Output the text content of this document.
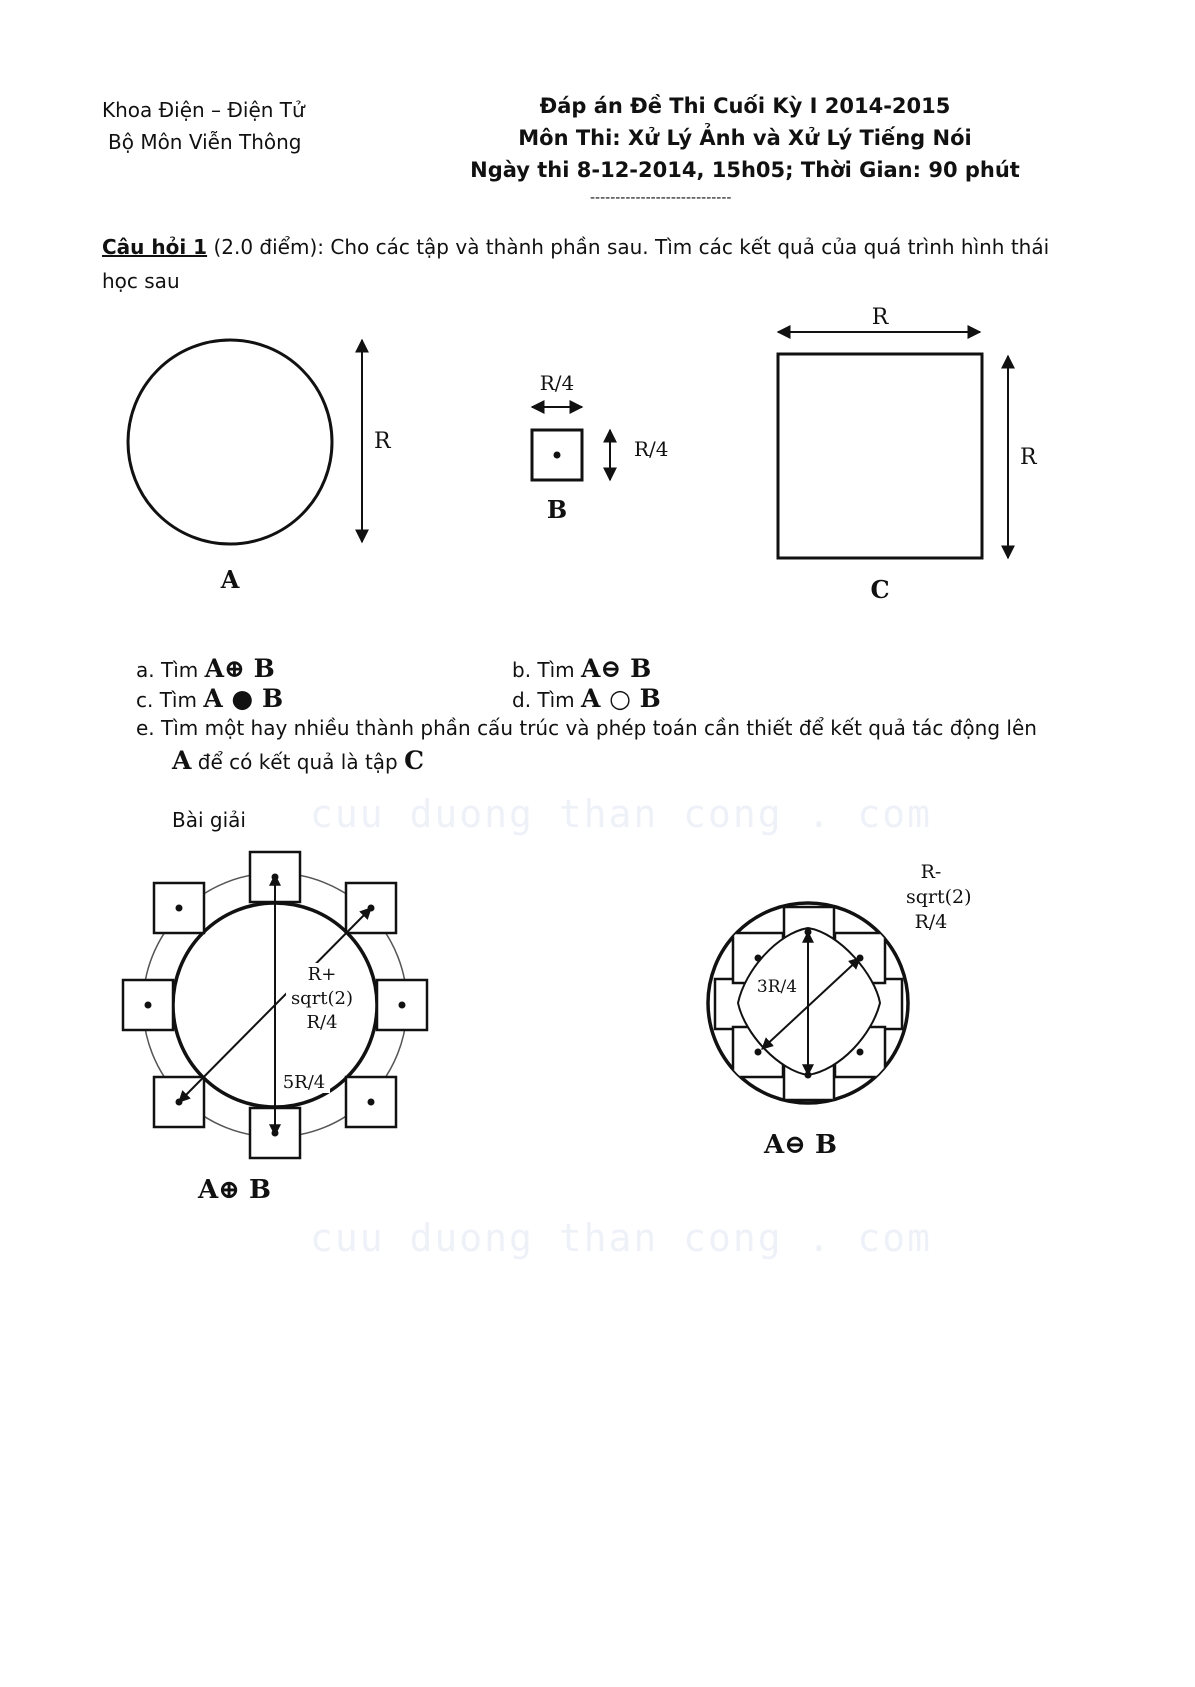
Khoa Điện – Điện Tử
Bộ Môn Viễn Thông
Đáp án Đề Thi Cuối Kỳ I 2014-2015
Môn Thi: Xử Lý Ảnh và Xử Lý Tiếng Nói
Ngày thi 8-12-2014, 15h05; Thời Gian: 90 phút
----------------------------
Câu hỏi 1 (2.0 điểm): Cho các tập và thành phần sau. Tìm các kết quả của quá trình hình thái học sau
R
A
R/4
R/4
B
R
R
C
a. Tìm A⊕ B	b. Tìm A⊖ B
c. Tìm A ● B	d. Tìm A ○ B
e. Tìm một hay nhiều thành phần cấu trúc và phép toán cần thiết để kết quả tác động lên
A để có kết quả là tập C
Bài giải cuu duong than cong . com
cuu duong than cong . com
R+
sqrt(2)
R/4
5R/4
A⊕ B
R-
sqrt(2)
R/4
3R/4
A⊖ B
